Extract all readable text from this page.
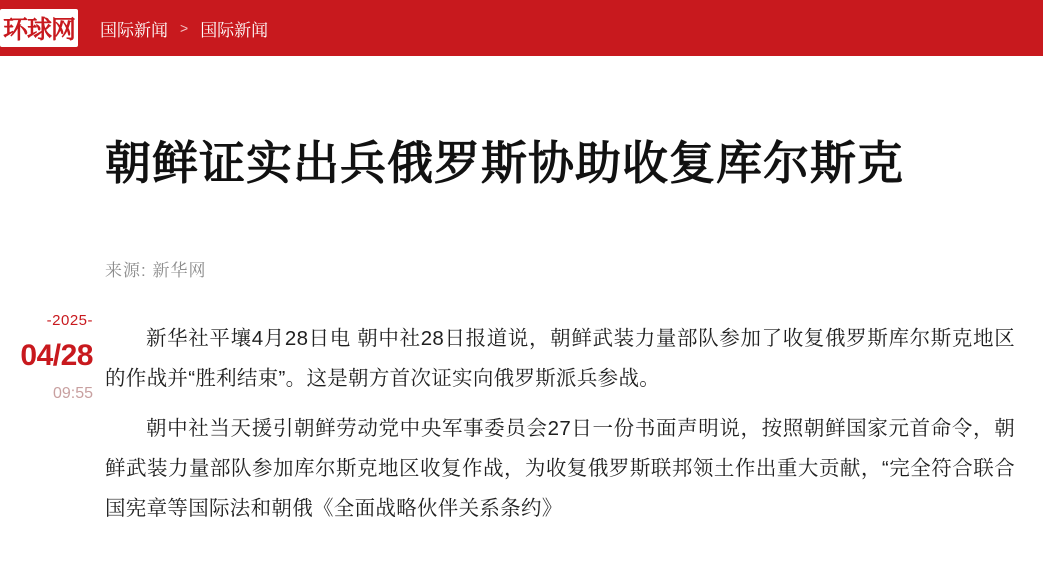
环球网 国际新闻 > 国际新闻
-2025-
04/28
09:55
朝鲜证实出兵俄罗斯协助收复库尔斯克
来源: 新华网

新华社平壤4月28日电 朝中社28日报道说，朝鲜武装力量部队参加了收复俄罗斯库尔斯克地区的作战并“胜利结束”。这是朝方首次证实向俄罗斯派兵参战。

朝中社当天援引朝鲜劳动党中央军事委员会27日一份书面声明说，按照朝鲜国家元首命令，朝鲜武装力量部队参加库尔斯克地区收复作战，为收复俄罗斯联邦领土作出重大贡献，“完全符合联合国宪章等国际法和朝俄《全面战略伙伴关系条约》
